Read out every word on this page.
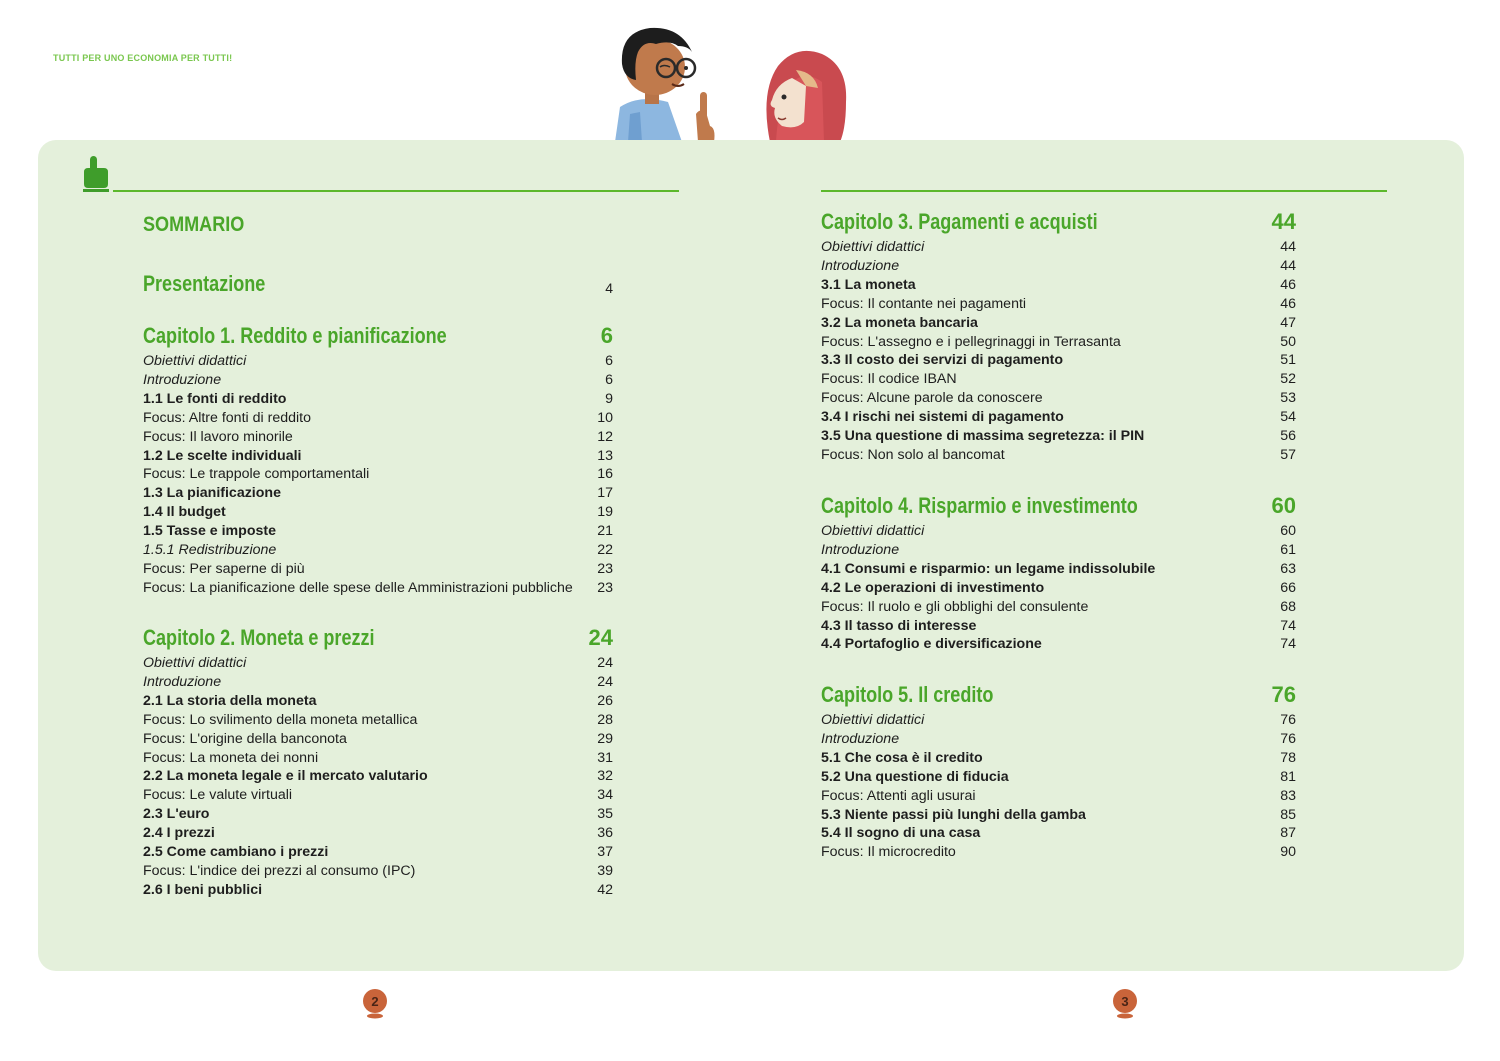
TUTTI PER UNO ECONOMIA PER TUTTI!
SOMMARIO
Presentazione	4
Capitolo 1. Reddito e pianificazione	6
Obiettivi didattici	6
Introduzione	6
1.1 Le fonti di reddito	9
Focus: Altre fonti di reddito	10
Focus: Il lavoro minorile	12
1.2 Le scelte individuali	13
Focus: Le trappole comportamentali	16
1.3 La pianificazione	17
1.4 Il budget	19
1.5 Tasse e imposte	21
1.5.1 Redistribuzione	22
Focus: Per saperne di più	23
Focus: La pianificazione delle spese delle Amministrazioni pubbliche 23
Capitolo 2. Moneta e prezzi	24
Obiettivi didattici	24
Introduzione	24
2.1 La storia della moneta	26
Focus: Lo svilimento della moneta metallica	28
Focus: L'origine della banconota	29
Focus: La moneta dei nonni	31
2.2 La moneta legale e il mercato valutario	32
Focus: Le valute virtuali	34
2.3 L'euro	35
2.4 I prezzi	36
2.5 Come cambiano i prezzi	37
Focus: L'indice dei prezzi al consumo (IPC)	39
2.6 I beni pubblici	42
Capitolo 3. Pagamenti e acquisti	44
Obiettivi didattici	44
Introduzione	44
3.1 La moneta	46
Focus: Il contante nei pagamenti	46
3.2 La moneta bancaria	47
Focus: L'assegno e i pellegrinaggi in Terrasanta	50
3.3 Il costo dei servizi di pagamento	51
Focus: Il codice IBAN	52
Focus: Alcune parole da conoscere	53
3.4 I rischi nei sistemi di pagamento	54
3.5 Una questione di massima segretezza: il PIN	56
Focus: Non solo al bancomat	57
Capitolo 4. Risparmio e investimento	60
Obiettivi didattici	60
Introduzione	61
4.1 Consumi e risparmio: un legame indissolubile	63
4.2 Le operazioni di investimento	66
Focus: Il ruolo e gli obblighi del consulente	68
4.3 Il tasso di interesse	74
4.4 Portafoglio e diversificazione	74
Capitolo 5. Il credito	76
Obiettivi didattici	76
Introduzione	76
5.1 Che cosa è il credito	78
5.2 Una questione di fiducia	81
Focus: Attenti agli usurai	83
5.3 Niente passi più lunghi della gamba	85
5.4 Il sogno di una casa	87
Focus: Il microcredito	90
2	3
